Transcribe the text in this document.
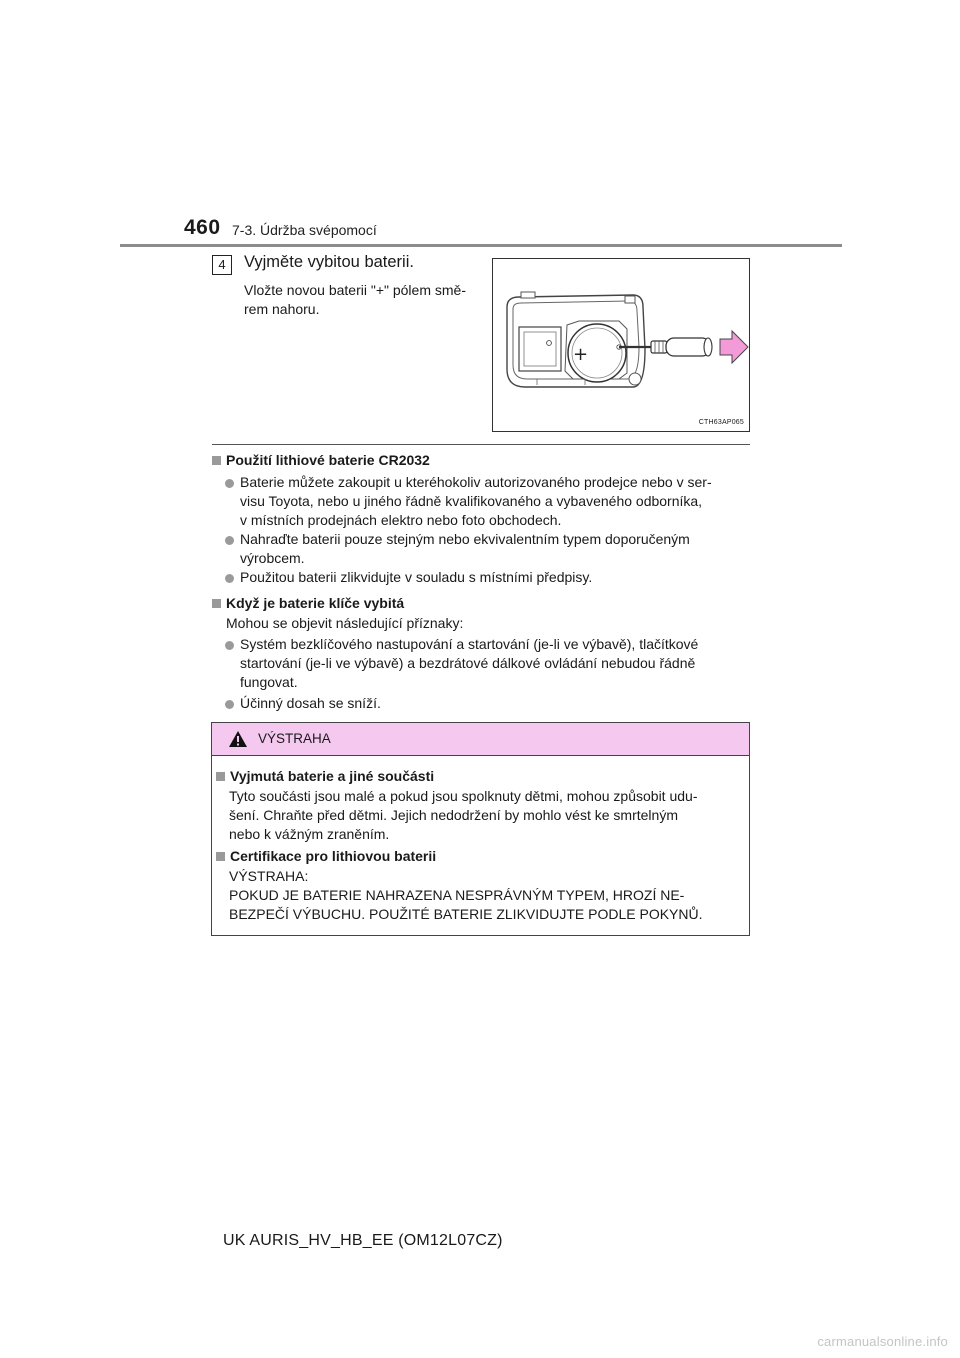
460 7-3. Údržba svépomocí
4	Vyjměte vybitou baterii.
Vložte novou baterii "+" pólem smě-
rem nahoru.
+
CTH63AP065
Použití lithiové baterie CR2032
Baterie můžete zakoupit u kteréhokoliv autorizovaného prodejce nebo v ser-
visu Toyota, nebo u jiného řádně kvalifikovaného a vybaveného odborníka,
v místních prodejnách elektro nebo foto obchodech.
Nahraďte baterii pouze stejným nebo ekvivalentním typem doporučeným
výrobcem.
Použitou baterii zlikvidujte v souladu s místními předpisy.
Když je baterie klíče vybitá
Mohou se objevit následující příznaky:
Systém bezklíčového nastupování a startování (je-li ve výbavě), tlačítkové
startování (je-li ve výbavě) a bezdrátové dálkové ovládání nebudou řádně
fungovat.
Účinný dosah se sníží.
VÝSTRAHA
Vyjmutá baterie a jiné součásti
Tyto součásti jsou malé a pokud jsou spolknuty dětmi, mohou způsobit udu-
šení. Chraňte před dětmi. Jejich nedodržení by mohlo vést ke smrtelným
nebo k vážným zraněním.
Certifikace pro lithiovou baterii
VÝSTRAHA:
POKUD JE BATERIE NAHRAZENA NESPRÁVNÝM TYPEM, HROZÍ NE-
BEZPEČÍ VÝBUCHU. POUŽITÉ BATERIE ZLIKVIDUJTE PODLE POKYNŮ.
UK AURIS_HV_HB_EE (OM12L07CZ)
carmanualsonline.info
